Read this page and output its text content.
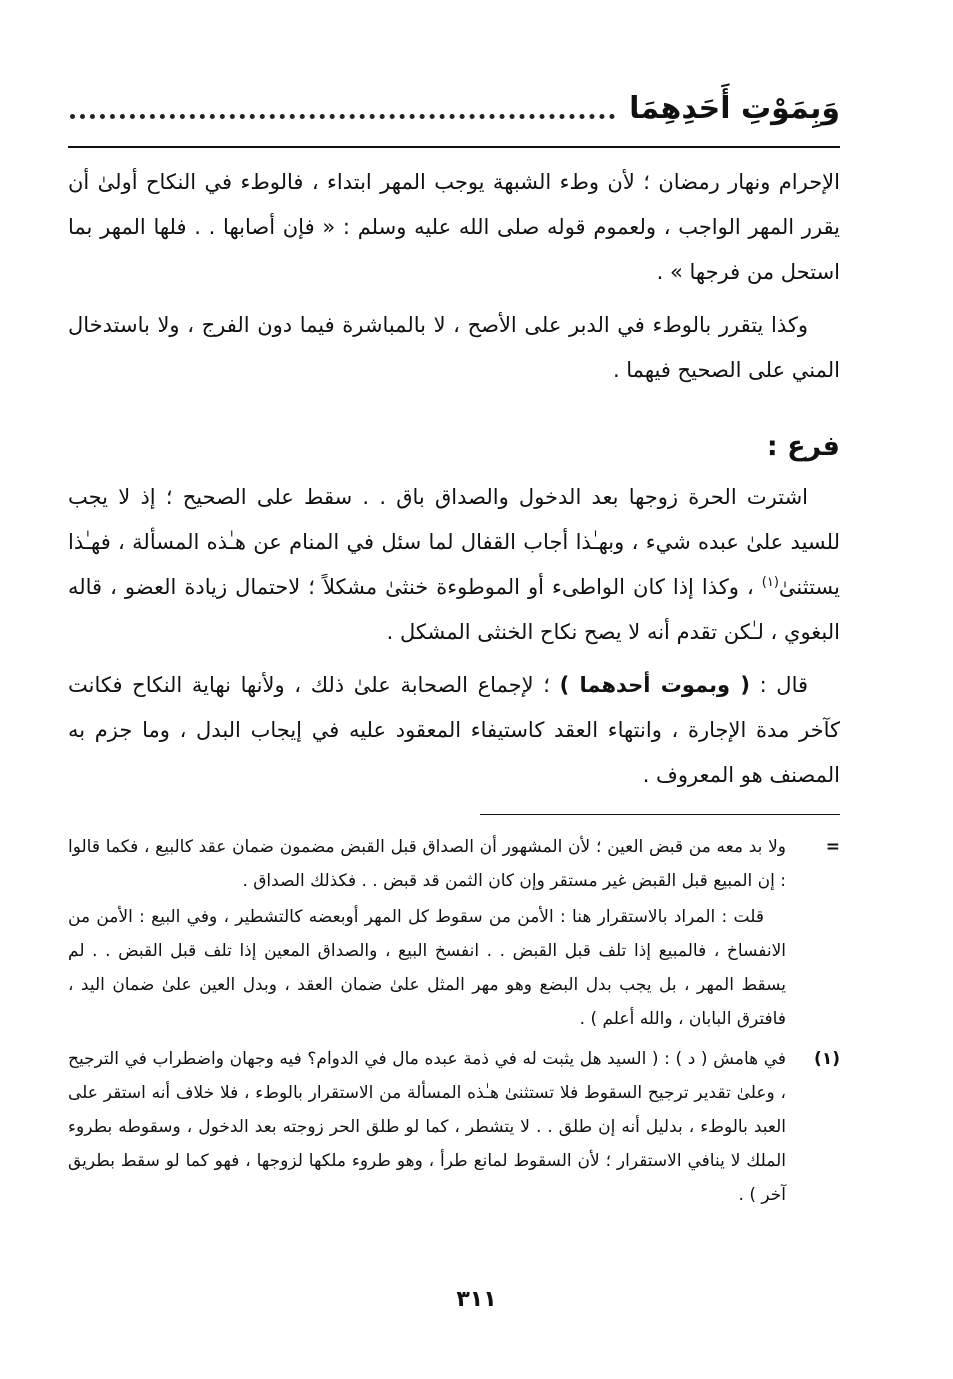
وَبِمَوْتِ أَحَدِهِمَا

الإحرام ونهار رمضان ؛ لأن وطء الشبهة يوجب المهر ابتداء ، فالوطء في النكاح أولىٰ أن يقرر المهر الواجب ، ولعموم قوله صلى الله عليه وسلم : « فإن أصابها . . فلها المهر بما استحل من فرجها » .

وكذا يتقرر بالوطء في الدبر على الأصح ، لا بالمباشرة فيما دون الفرج ، ولا باستدخال المني على الصحيح فيهما .

فرع :

اشترت الحرة زوجها بعد الدخول والصداق باق . . سقط على الصحيح ؛ إذ لا يجب للسيد علىٰ عبده شيء ، وبهـٰذا أجاب القفال لما سئل في المنام عن هـٰذه المسألة ، فهـٰذا يستثنىٰ$^{(١)}$ ، وكذا إذا كان الواطىء أو الموطوءة خنثىٰ مشكلاً ؛ لاحتمال زيادة العضو ، قاله البغوي ، لـٰكن تقدم أنه لا يصح نكاح الخنثى المشكل .

قال : ( وبموت أحدهما ) ؛ لإجماع الصحابة علىٰ ذلك ، ولأنها نهاية النكاح فكانت كآخر مدة الإجارة ، وانتهاء العقد كاستيفاء المعقود عليه في إيجاب البدل ، وما جزم به المصنف هو المعروف .

=

ولا بد معه من قبض العين ؛ لأن المشهور أن الصداق قبل القبض مضمون ضمان عقد كالبيع ، فكما قالوا : إن المبيع قبل القبض غير مستقر وإن كان الثمن قد قبض . . فكذلك الصداق .

قلت : المراد بالاستقرار هنا : الأمن من سقوط كل المهر أوبعضه كالتشطير ، وفي البيع : الأمن من الانفساخ ، فالمبيع إذا تلف قبل القبض . . انفسخ البيع ، والصداق المعين إذا تلف قبل القبض . . لم يسقط المهر ، بل يجب بدل البضع وهو مهر المثل علىٰ ضمان العقد ، وبدل العين علىٰ ضمان اليد ، فافترق البابان ، والله أعلم ) .

(١)

في هامش ( د ) : ( السيد هل يثبت له في ذمة عبده مال في الدوام؟ فيه وجهان واضطراب في الترجيح ، وعلىٰ تقدير ترجيح السقوط فلا تستثنىٰ هـٰذه المسألة من الاستقرار بالوطء ، فلا خلاف أنه استقر على العبد بالوطء ، بدليل أنه إن طلق . . لا يتشطر ، كما لو طلق الحر زوجته بعد الدخول ، وسقوطه بطروء الملك لا ينافي الاستقرار ؛ لأن السقوط لمانع طرأ ، وهو طروء ملكها لزوجها ، فهو كما لو سقط بطريق آخر ) .

٣١١
